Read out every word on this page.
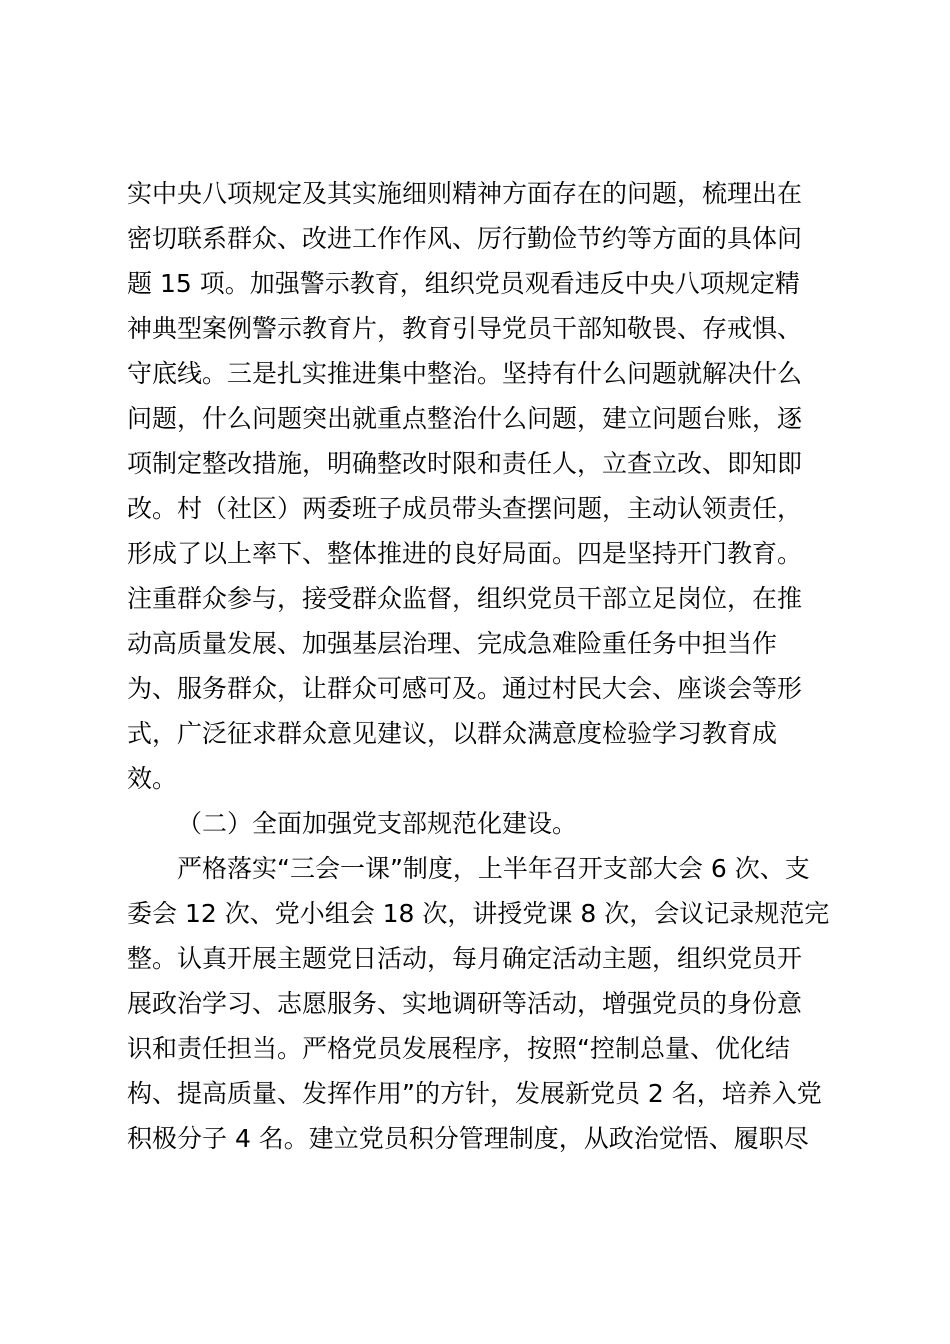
实中央八项规定及其实施细则精神方面存在的问题，梳理出在
密切联系群众、改进工作作风、厉行勤俭节约等方面的具体问
题 15 项。加强警示教育，组织党员观看违反中央八项规定精
神典型案例警示教育片，教育引导党员干部知敬畏、存戒惧、
守底线。三是扎实推进集中整治。坚持有什么问题就解决什么
问题，什么问题突出就重点整治什么问题，建立问题台账，逐
项制定整改措施，明确整改时限和责任人，立查立改、即知即
改。村（社区）两委班子成员带头查摆问题，主动认领责任，
形成了以上率下、整体推进的良好局面。四是坚持开门教育。
注重群众参与，接受群众监督，组织党员干部立足岗位，在推
动高质量发展、加强基层治理、完成急难险重任务中担当作
为、服务群众，让群众可感可及。通过村民大会、座谈会等形
式，广泛征求群众意见建议，以群众满意度检验学习教育成
效。
（二）全面加强党支部规范化建设。
严格落实“三会一课”制度，上半年召开支部大会 6 次、支
委会 12 次、党小组会 18 次，讲授党课 8 次，会议记录规范完
整。认真开展主题党日活动，每月确定活动主题，组织党员开
展政治学习、志愿服务、实地调研等活动，增强党员的身份意
识和责任担当。严格党员发展程序，按照“控制总量、优化结
构、提高质量、发挥作用”的方针，发展新党员 2 名，培养入党
积极分子 4 名。建立党员积分管理制度，从政治觉悟、履职尽
